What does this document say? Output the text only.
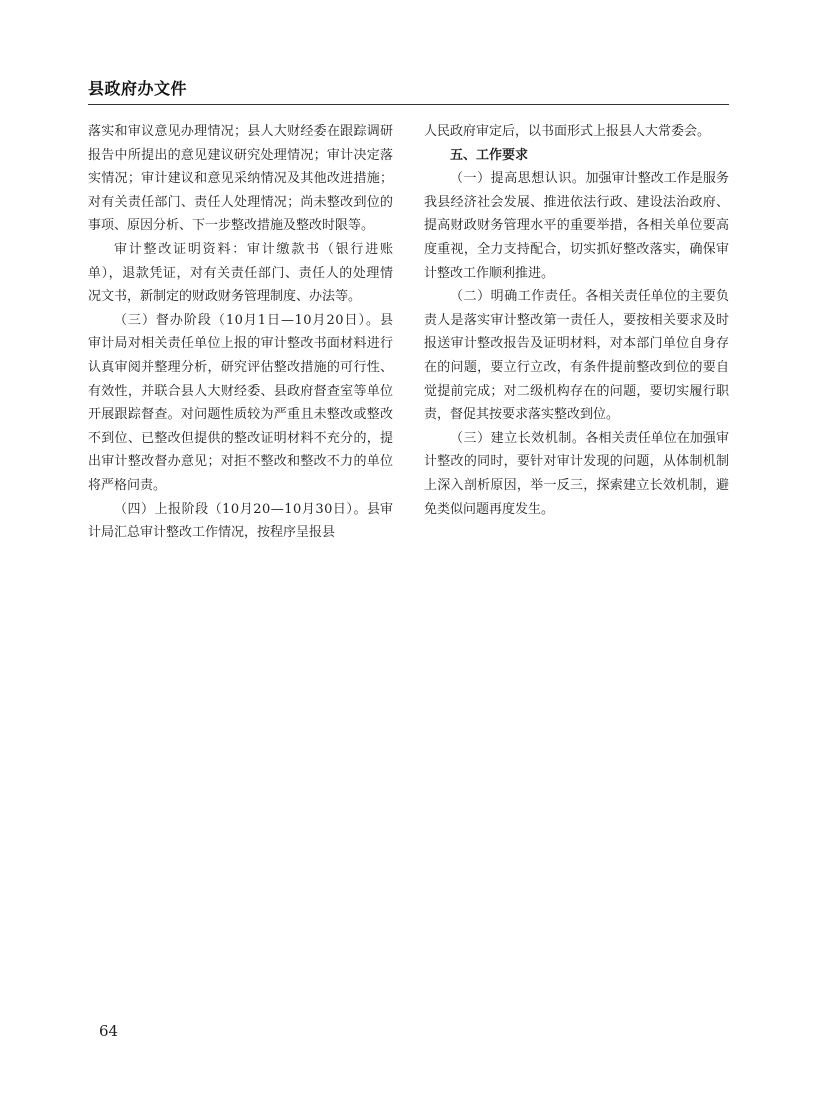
县政府办文件

落实和审议意见办理情况；县人大财经委在跟踪调研报告中所提出的意见建议研究处理情况；审计决定落实情况；审计建议和意见采纳情况及其他改进措施；对有关责任部门、责任人处理情况；尚未整改到位的事项、原因分析、下一步整改措施及整改时限等。

审计整改证明资料：审计缴款书（银行进账单），退款凭证，对有关责任部门、责任人的处理情况文书，新制定的财政财务管理制度、办法等。

（三）督办阶段（10月1日—10月20日）。县审计局对相关责任单位上报的审计整改书面材料进行认真审阅并整理分析，研究评估整改措施的可行性、有效性，并联合县人大财经委、县政府督查室等单位开展跟踪督查。对问题性质较为严重且未整改或整改不到位、已整改但提供的整改证明材料不充分的，提出审计整改督办意见；对拒不整改和整改不力的单位将严格问责。

（四）上报阶段（10月20—10月30日）。县审计局汇总审计整改工作情况，按程序呈报县

人民政府审定后，以书面形式上报县人大常委会。

五、工作要求

（一）提高思想认识。加强审计整改工作是服务我县经济社会发展、推进依法行政、建设法治政府、提高财政财务管理水平的重要举措，各相关单位要高度重视，全力支持配合，切实抓好整改落实，确保审计整改工作顺利推进。

（二）明确工作责任。各相关责任单位的主要负责人是落实审计整改第一责任人，要按相关要求及时报送审计整改报告及证明材料，对本部门单位自身存在的问题，要立行立改，有条件提前整改到位的要自觉提前完成；对二级机构存在的问题，要切实履行职责，督促其按要求落实整改到位。

（三）建立长效机制。各相关责任单位在加强审计整改的同时，要针对审计发现的问题，从体制机制上深入剖析原因，举一反三，探索建立长效机制，避免类似问题再度发生。

64
